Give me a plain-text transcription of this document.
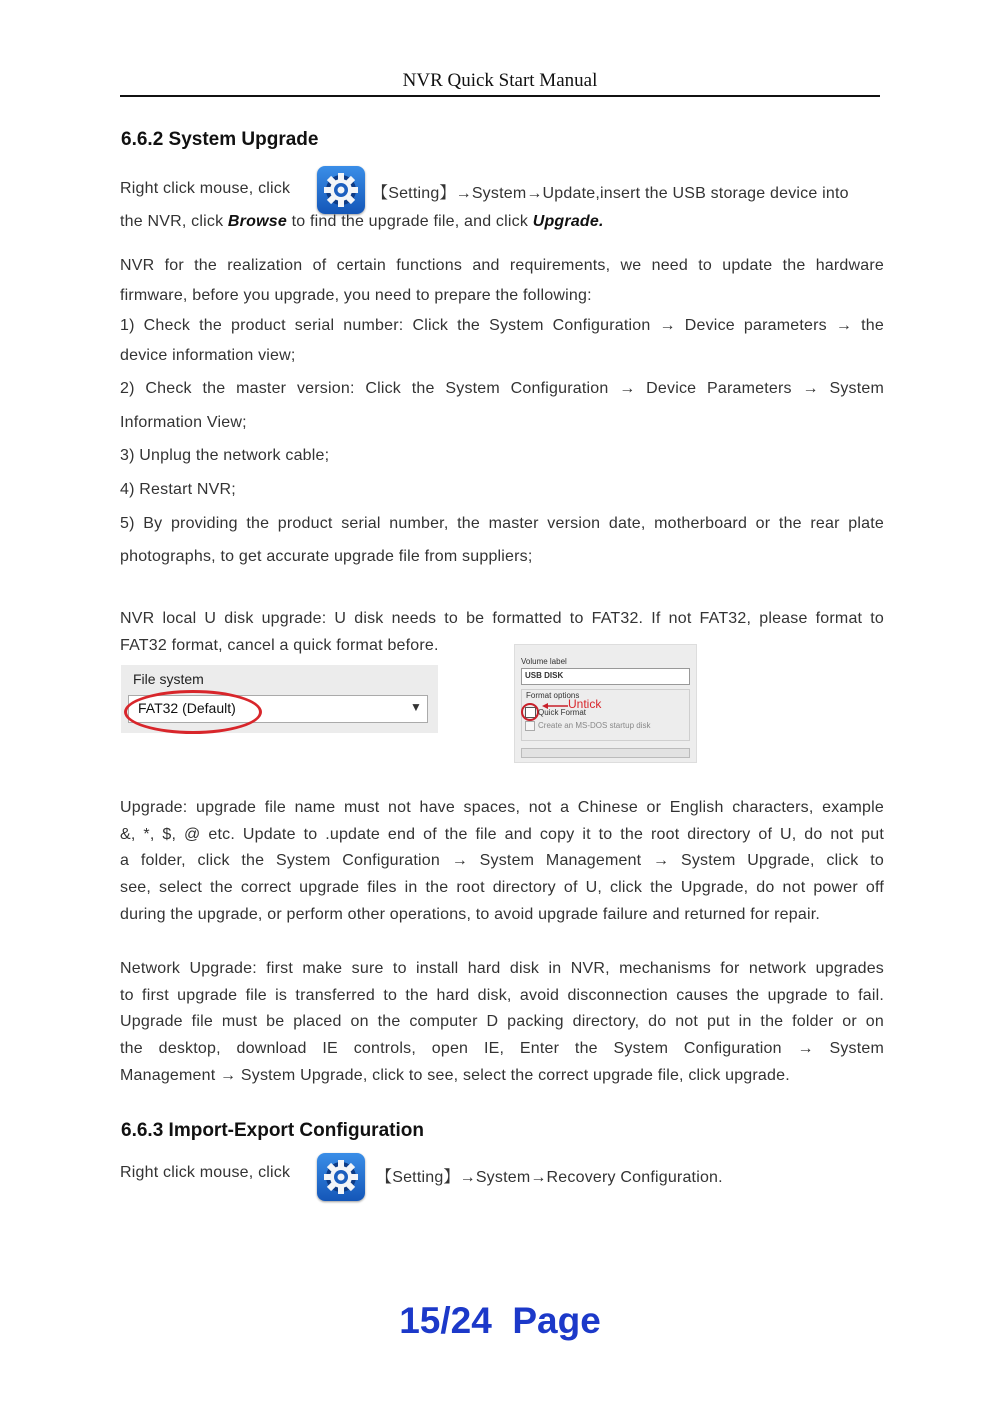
NVR Quick Start Manual
6.6.2 System Upgrade
Right click mouse, click	【Setting】→System→Update,insert the USB storage device into
the NVR, click Browse to find the upgrade file, and click Upgrade.
NVR for the realization of certain functions and requirements, we need to update the hardware
firmware, before you upgrade, you need to prepare the following:
1) Check the product serial number: Click the System Configuration → Device parameters → the
device information view;
2) Check the master version: Click the System Configuration → Device Parameters → System
Information View;
3) Unplug the network cable;
4) Restart NVR;
5) By providing the product serial number, the master version date, motherboard or the rear plate
photographs, to get accurate upgrade file from suppliers;
NVR local U disk upgrade: U disk needs to be formatted to FAT32. If not FAT32, please format to
FAT32 format, cancel a quick format before.
File system
FAT32 (Default)	▼
Volume label
USB DISK
Format options
Quick Format
Untick
Create an MS-DOS startup disk
Upgrade: upgrade file name must not have spaces, not a Chinese or English characters, example
&, *, $, @ etc. Update to .update end of the file and copy it to the root directory of U, do not put
a folder, click the System Configuration → System Management → System Upgrade, click to
see, select the correct upgrade files in the root directory of U, click the Upgrade, do not power off
during the upgrade, or perform other operations, to avoid upgrade failure and returned for repair.
Network Upgrade: first make sure to install hard disk in NVR, mechanisms for network upgrades
to first upgrade file is transferred to the hard disk, avoid disconnection causes the upgrade to fail.
Upgrade file must be placed on the computer D packing directory, do not put in the folder or on
the desktop, download IE controls, open IE, Enter the System Configuration → System
Management → System Upgrade, click to see, select the correct upgrade file, click upgrade.
6.6.3 Import-Export Configuration
Right click mouse, click	【Setting】→System→Recovery Configuration.
15/24  Page
